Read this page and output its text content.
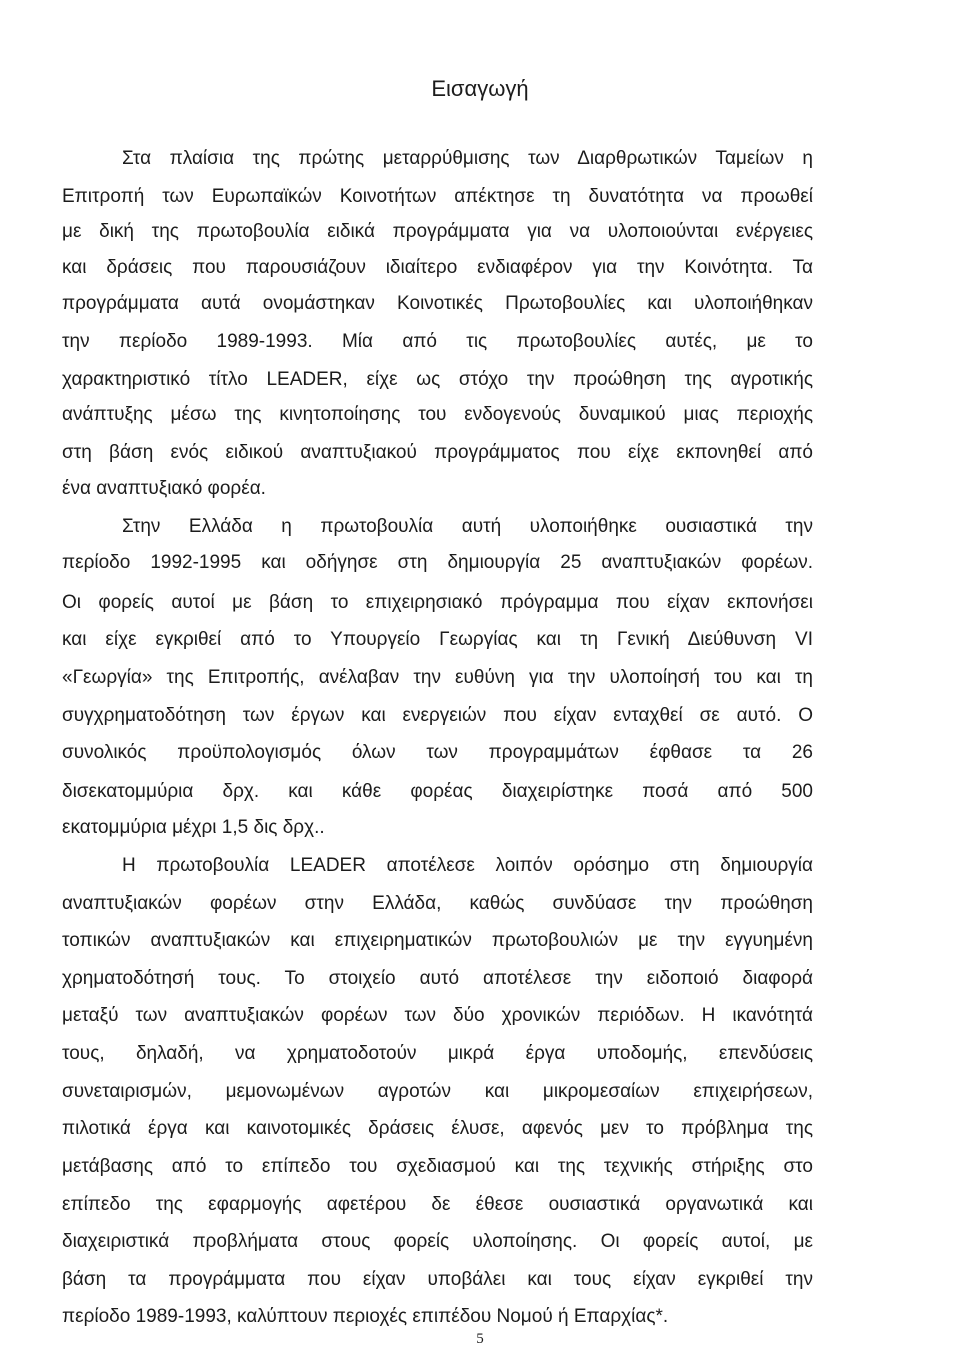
Εισαγωγή
Στα πλαίσια της πρώτης μεταρρύθμισης των Διαρθρωτικών Ταμείων η
Επιτροπή των Ευρωπαϊκών Κοινοτήτων απέκτησε τη δυνατότητα να προωθεί
με δική της πρωτοβουλία ειδικά προγράμματα για να υλοποιούνται ενέργειες
και δράσεις που παρουσιάζουν ιδιαίτερο ενδιαφέρον για την Κοινότητα. Τα
προγράμματα αυτά ονομάστηκαν Κοινοτικές Πρωτοβουλίες και υλοποιήθηκαν
την περίοδο 1989-1993. Μία από τις πρωτοβουλίες αυτές, με το
χαρακτηριστικό τίτλο LEADER, είχε ως στόχο την προώθηση της αγροτικής
ανάπτυξης μέσω της κινητοποίησης του ενδογενούς δυναμικού μιας περιοχής
στη βάση ενός ειδικού αναπτυξιακού προγράμματος που είχε εκπονηθεί από
ένα αναπτυξιακό φορέα.
Στην Ελλάδα η πρωτοβουλία αυτή υλοποιήθηκε ουσιαστικά την
περίοδο 1992-1995 και οδήγησε στη δημιουργία 25 αναπτυξιακών φορέων.
Οι φορείς αυτοί με βάση το επιχειρησιακό πρόγραμμα που είχαν εκπονήσει
και είχε εγκριθεί από το Υπουργείο Γεωργίας και τη Γενική Διεύθυνση VI
«Γεωργία» της Επιτροπής, ανέλαβαν την ευθύνη για την υλοποίησή του και τη
συγχρηματοδότηση των έργων και ενεργειών που είχαν ενταχθεί σε αυτό. Ο
συνολικός προϋπολογισμός όλων των προγραμμάτων έφθασε τα 26
δισεκατομμύρια δρχ. και κάθε φορέας διαχειρίστηκε ποσά από 500
εκατομμύρια μέχρι 1,5 δις δρχ..
Η πρωτοβουλία LEADER αποτέλεσε λοιπόν ορόσημο στη δημιουργία
αναπτυξιακών φορέων στην Ελλάδα, καθώς συνδύασε την προώθηση
τοπικών αναπτυξιακών και επιχειρηματικών πρωτοβουλιών με την εγγυημένη
χρηματοδότησή τους. Το στοιχείο αυτό αποτέλεσε την ειδοποιό διαφορά
μεταξύ των αναπτυξιακών φορέων των δύο χρονικών περιόδων. Η ικανότητά
τους, δηλαδή, να χρηματοδοτούν μικρά έργα υποδομής, επενδύσεις
συνεταιρισμών, μεμονωμένων αγροτών και μικρομεσαίων επιχειρήσεων,
πιλοτικά έργα και καινοτομικές δράσεις έλυσε, αφενός μεν το πρόβλημα της
μετάβασης από το επίπεδο του σχεδιασμού και της τεχνικής στήριξης στο
επίπεδο της εφαρμογής αφετέρου δε έθεσε ουσιαστικά οργανωτικά και
διαχειριστικά προβλήματα στους φορείς υλοποίησης. Οι φορείς αυτοί, με
βάση τα προγράμματα που είχαν υποβάλει και τους είχαν εγκριθεί την
περίοδο 1989-1993, καλύπτουν περιοχές επιπέδου Νομού ή Επαρχίας*.
5
